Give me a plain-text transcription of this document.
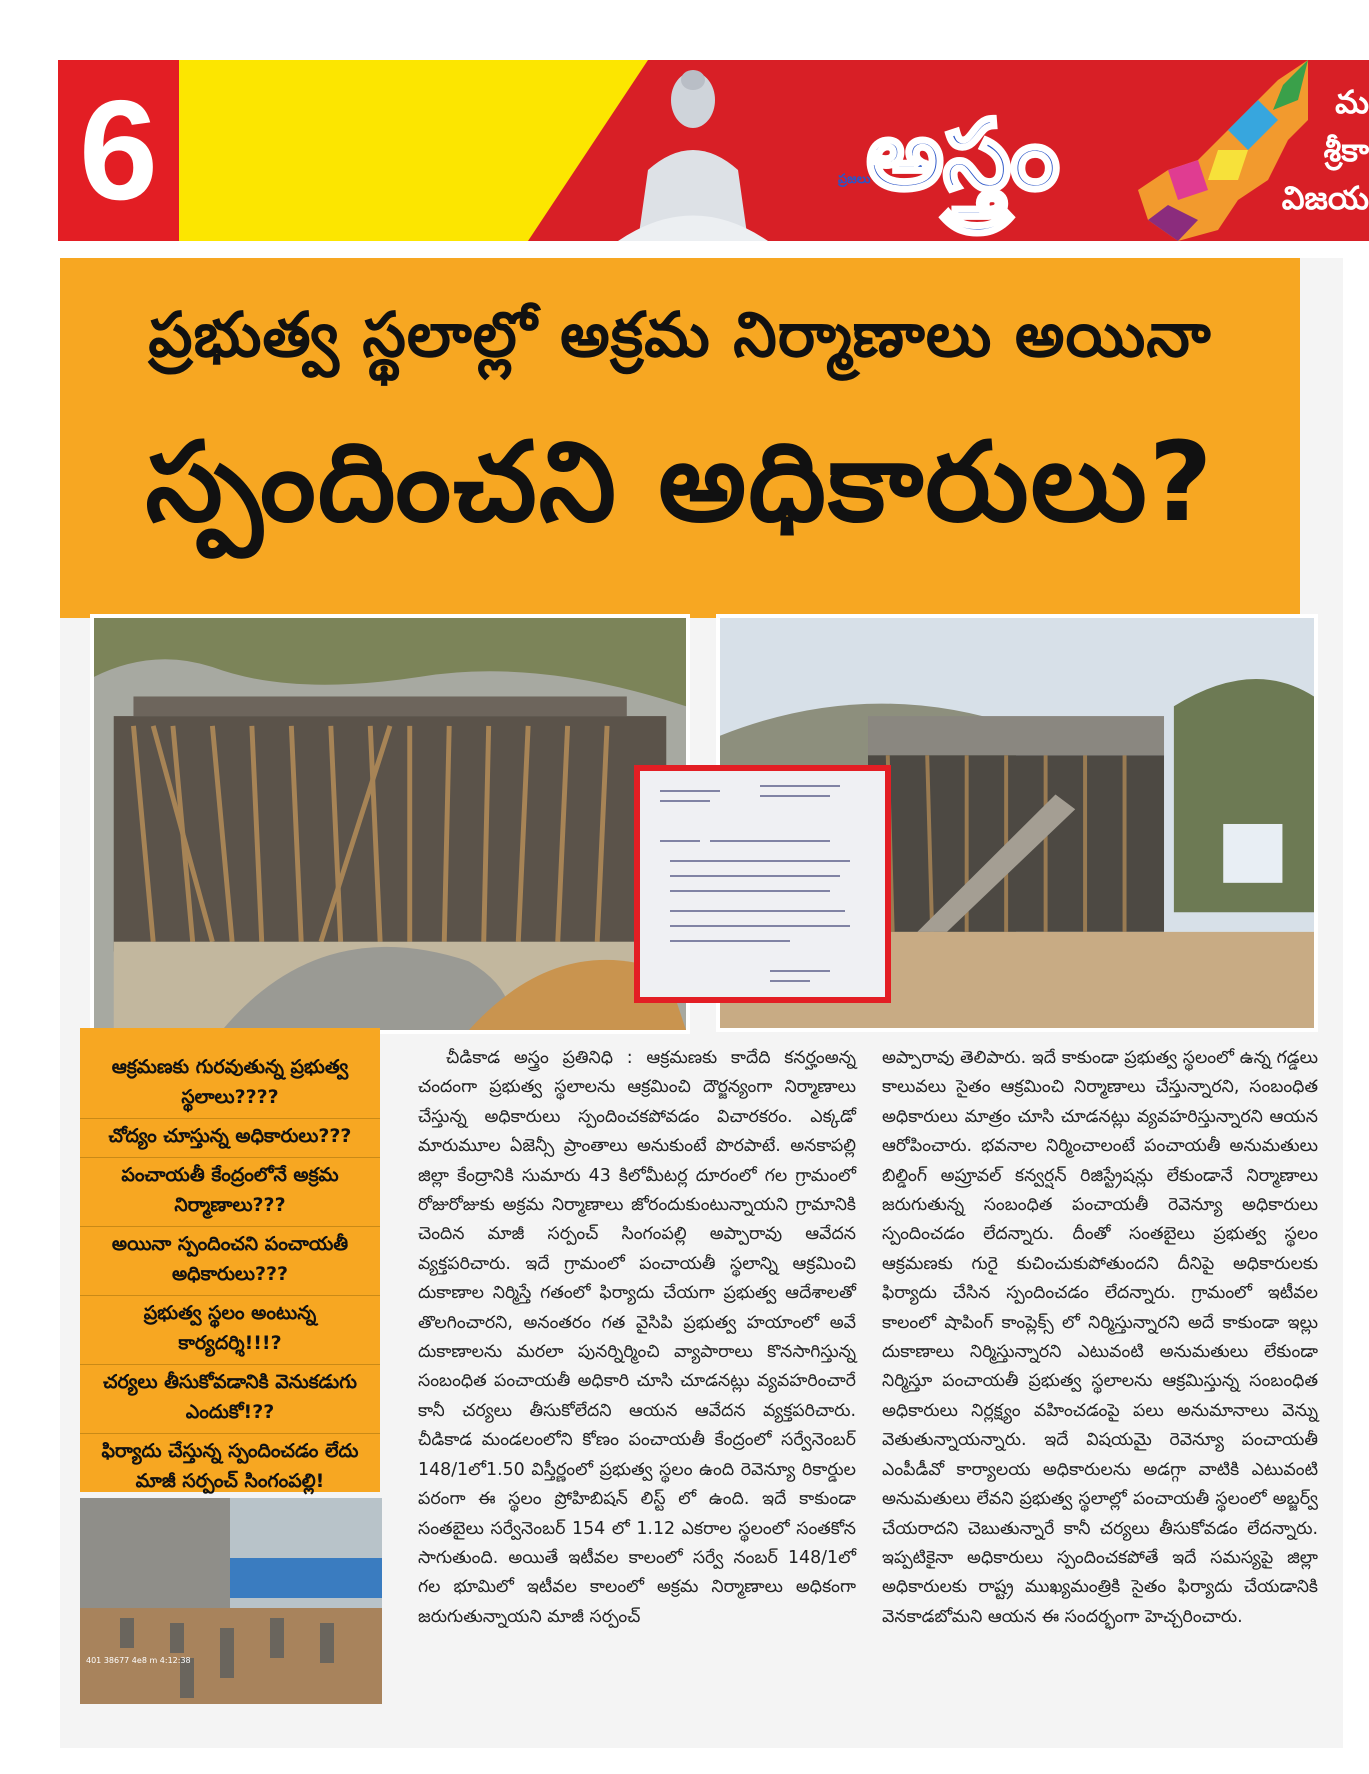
6	అస్త్రం
ప్రజలు
మ
శ్రీకా
విజయ
ప్రభుత్వ స్థలాల్లో అక్రమ నిర్మాణాలు అయినా
స్పందించని అధికారులు?
ఆక్రమణకు గురవుతున్న ప్రభుత్వ స్థలాలు????
చోద్యం చూస్తున్న అధికారులు???
పంచాయతీ కేంద్రంలోనే అక్రమ నిర్మాణాలు???
అయినా స్పందించని పంచాయతీ అధికారులు???
ప్రభుత్వ స్థలం అంటున్న కార్యదర్శి!!!?
చర్యలు తీసుకోవడానికి వెనుకడుగు ఎందుకో!??
ఫిర్యాదు చేస్తున్న స్పందించడం లేదు మాజీ సర్పంచ్ సింగంపల్లి!
401 38677 4e8 m 4:12:38
చీడికాడ అస్త్రం ప్రతినిధి : ఆక్రమణకు కాదేది కనర్హంఅన్న చందంగా ప్రభుత్వ స్థలాలను ఆక్రమించి దౌర్జన్యంగా నిర్మాణాలు చేస్తున్న అధికారులు స్పందించకపోవడం విచారకరం. ఎక్కడో మారుమూల ఏజెన్సీ ప్రాంతాలు అనుకుంటే పొరపాటే. అనకాపల్లి జిల్లా కేంద్రానికి సుమారు 43 కిలోమీటర్ల దూరంలో గల గ్రామంలో రోజురోజుకు అక్రమ నిర్మాణాలు జోరందుకుంటున్నాయని గ్రామానికి చెందిన మాజీ సర్పంచ్ సింగంపల్లి అప్పారావు ఆవేదన వ్యక్తపరిచారు. ఇదే గ్రామంలో పంచాయతీ స్థలాన్ని ఆక్రమించి దుకాణాల నిర్మిస్తే గతంలో ఫిర్యాదు చేయగా ప్రభుత్వ ఆదేశాలతో తొలగించారని, అనంతరం గత వైసిపి ప్రభుత్వ హయాంలో అవే దుకాణాలను మరలా పునర్నిర్మించి వ్యాపారాలు కొనసాగిస్తున్న సంబంధిత పంచాయతీ అధికారి చూసి చూడనట్లు వ్యవహరించారే కానీ చర్యలు తీసుకోలేదని ఆయన ఆవేదన వ్యక్తపరిచారు. చీడికాడ మండలంలోని కోణం పంచాయతీ కేంద్రంలో సర్వేనెంబర్ 148/1లో1.50 విస్తీర్ణంలో ప్రభుత్వ స్థలం ఉంది రెవెన్యూ రికార్డుల పరంగా ఈ స్థలం ప్రోహిబిషన్ లిస్ట్ లో ఉంది. ఇదే కాకుండా సంతబైలు సర్వేనెంబర్ 154 లో 1.12 ఎకరాల స్థలంలో సంతకోన సాగుతుంది. అయితే ఇటీవల కాలంలో సర్వే నంబర్ 148/1లో గల భూమిలో ఇటీవల కాలంలో అక్రమ నిర్మాణాలు అధికంగా జరుగుతున్నాయని మాజీ సర్పంచ్
అప్పారావు తెలిపారు. ఇదే కాకుండా ప్రభుత్వ స్థలంలో ఉన్న గడ్డలు కాలువలు సైతం ఆక్రమించి నిర్మాణాలు చేస్తున్నారని, సంబంధిత అధికారులు మాత్రం చూసి చూడనట్లు వ్యవహరిస్తున్నారని ఆయన ఆరోపించారు. భవనాల నిర్మించాలంటే పంచాయతీ అనుమతులు బిల్డింగ్ అప్రూవల్ కన్వర్షన్ రిజిస్ట్రేషన్లు లేకుండానే నిర్మాణాలు జరుగుతున్న సంబంధిత పంచాయతీ రెవెన్యూ అధికారులు స్పందించడం లేదన్నారు. దీంతో సంతబైలు ప్రభుత్వ స్థలం ఆక్రమణకు గురై కుచించుకుపోతుందని దీనిపై అధికారులకు ఫిర్యాదు చేసిన స్పందించడం లేదన్నారు. గ్రామంలో ఇటీవల కాలంలో షాపింగ్ కాంప్లెక్స్ లో నిర్మిస్తున్నారని అదే కాకుండా ఇల్లు దుకాణాలు నిర్మిస్తున్నారని ఎటువంటి అనుమతులు లేకుండా నిర్మిస్తూ పంచాయతీ ప్రభుత్వ స్థలాలను ఆక్రమిస్తున్న సంబంధిత అధికారులు నిర్లక్ష్యం వహించడంపై పలు అనుమానాలు వెన్ను వెతుతున్నాయన్నారు. ఇదే విషయమై రెవెన్యూ పంచాయతీ ఎంపీడీవో కార్యాలయ అధికారులను అడగ్గా వాటికి ఎటువంటి అనుమతులు లేవని ప్రభుత్వ స్థలాల్లో పంచాయతీ స్థలంలో అబ్జర్వ్ చేయరాదని చెబుతున్నారే కానీ చర్యలు తీసుకోవడం లేదన్నారు. ఇప్పటికైనా అధికారులు స్పందించకపోతే ఇదే సమస్యపై జిల్లా అధికారులకు రాష్ట్ర ముఖ్యమంత్రికి సైతం ఫిర్యాదు చేయడానికి వెనకాడబోమని ఆయన ఈ సందర్భంగా హెచ్చరించారు.
